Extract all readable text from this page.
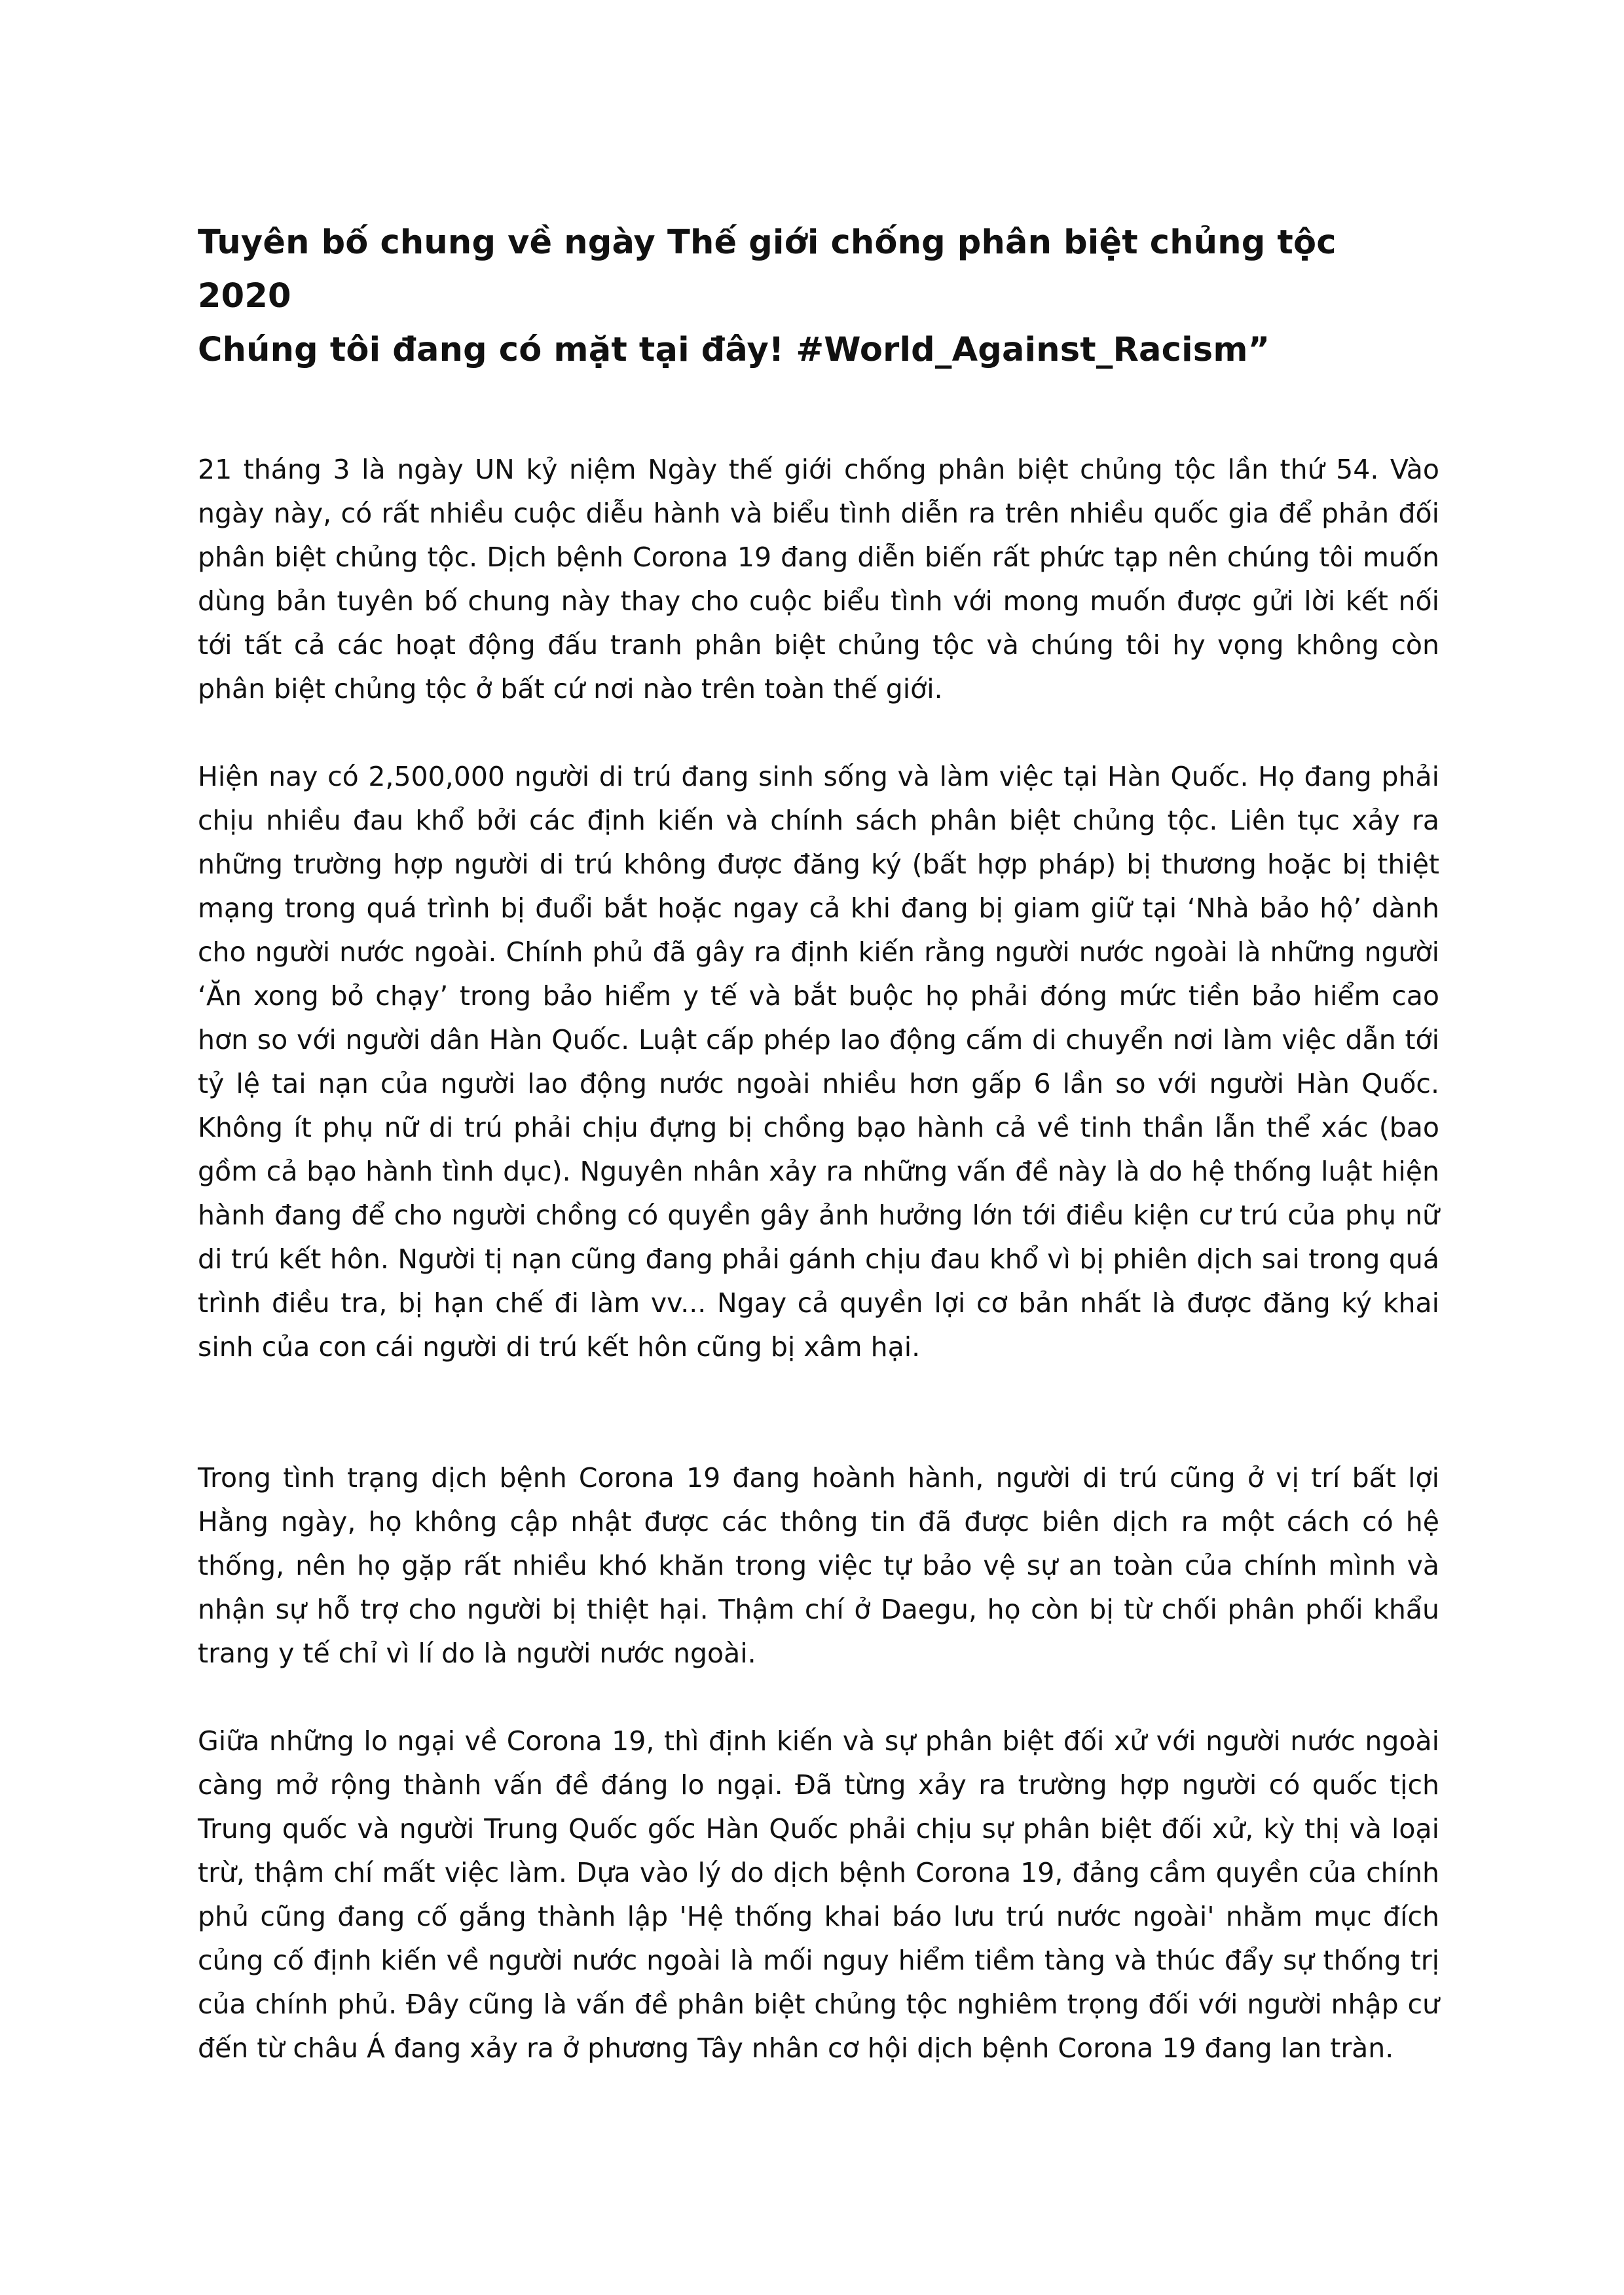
Tuyên bố chung về ngày Thế giới chống phân biệt chủng tộc 2020

Chúng tôi đang có mặt tại đây! #World_Against_Racism”

21 tháng 3 là ngày UN kỷ niệm Ngày thế giới chống phân biệt chủng tộc lần thứ 54. Vào ngày này, có rất nhiều cuộc diễu hành và biểu tình diễn ra trên nhiều quốc gia để phản đối phân biệt chủng tộc. Dịch bệnh Corona 19 đang diễn biến rất phức tạp nên chúng tôi muốn dùng bản tuyên bố chung này thay cho cuộc biểu tình với mong muốn được gửi lời kết nối tới tất cả các hoạt động đấu tranh phân biệt chủng tộc và chúng tôi hy vọng không còn phân biệt chủng tộc ở bất cứ nơi nào trên toàn thế giới.

Hiện nay có 2,500,000 người di trú đang sinh sống và làm việc tại Hàn Quốc. Họ đang phải chịu nhiều đau khổ bởi các định kiến và chính sách phân biệt chủng tộc. Liên tục xảy ra những trường hợp người di trú không được đăng ký (bất hợp pháp) bị thương hoặc bị thiệt mạng trong quá trình bị đuổi bắt hoặc ngay cả khi đang bị giam giữ tại ‘Nhà bảo hộ’ dành cho người nước ngoài. Chính phủ đã gây ra định kiến rằng người nước ngoài là những người ‘Ăn xong bỏ chạy’ trong bảo hiểm y tế và bắt buộc họ phải đóng mức tiền bảo hiểm cao hơn so với người dân Hàn Quốc. Luật cấp phép lao động cấm di chuyển nơi làm việc dẫn tới tỷ lệ tai nạn của người lao động nước ngoài nhiều hơn gấp 6 lần so với người Hàn Quốc. Không ít phụ nữ di trú phải chịu đựng bị chồng bạo hành cả về tinh thần lẫn thể xác (bao gồm cả bạo hành tình dục). Nguyên nhân xảy ra những vấn đề này là do hệ thống luật hiện hành đang để cho người chồng có quyền gây ảnh hưởng lớn tới điều kiện cư trú của phụ nữ di trú kết hôn. Người tị nạn cũng đang phải gánh chịu đau khổ vì bị phiên dịch sai trong quá trình điều tra, bị hạn chế đi làm vv... Ngay cả quyền lợi cơ bản nhất là được đăng ký khai sinh của con cái người di trú kết hôn cũng bị xâm hại.

Trong tình trạng dịch bệnh Corona 19 đang hoành hành, người di trú cũng ở vị trí bất lợi Hằng ngày, họ không cập nhật được các thông tin đã được biên dịch ra một cách có hệ thống, nên họ gặp rất nhiều khó khăn trong việc tự bảo vệ sự an toàn của chính mình và nhận sự hỗ trợ cho người bị thiệt hại. Thậm chí ở Daegu, họ còn bị từ chối phân phối khẩu trang y tế chỉ vì lí do là người nước ngoài.

Giữa những lo ngại về Corona 19, thì định kiến và sự phân biệt đối xử với người nước ngoài càng mở rộng thành vấn đề đáng lo ngại. Đã từng xảy ra trường hợp người có quốc tịch Trung quốc và người Trung Quốc gốc Hàn Quốc phải chịu sự phân biệt đối xử, kỳ thị và loại trừ, thậm chí mất việc làm. Dựa vào lý do dịch bệnh Corona 19, đảng cầm quyền của chính phủ cũng đang cố gắng thành lập 'Hệ thống khai báo lưu trú nước ngoài' nhằm mục đích củng cố định kiến về người nước ngoài là mối nguy hiểm tiềm tàng và thúc đẩy sự thống trị của chính phủ. Đây cũng là vấn đề phân biệt chủng tộc nghiêm trọng đối với người nhập cư đến từ châu Á đang xảy ra ở phương Tây nhân cơ hội dịch bệnh Corona 19 đang lan tràn.
